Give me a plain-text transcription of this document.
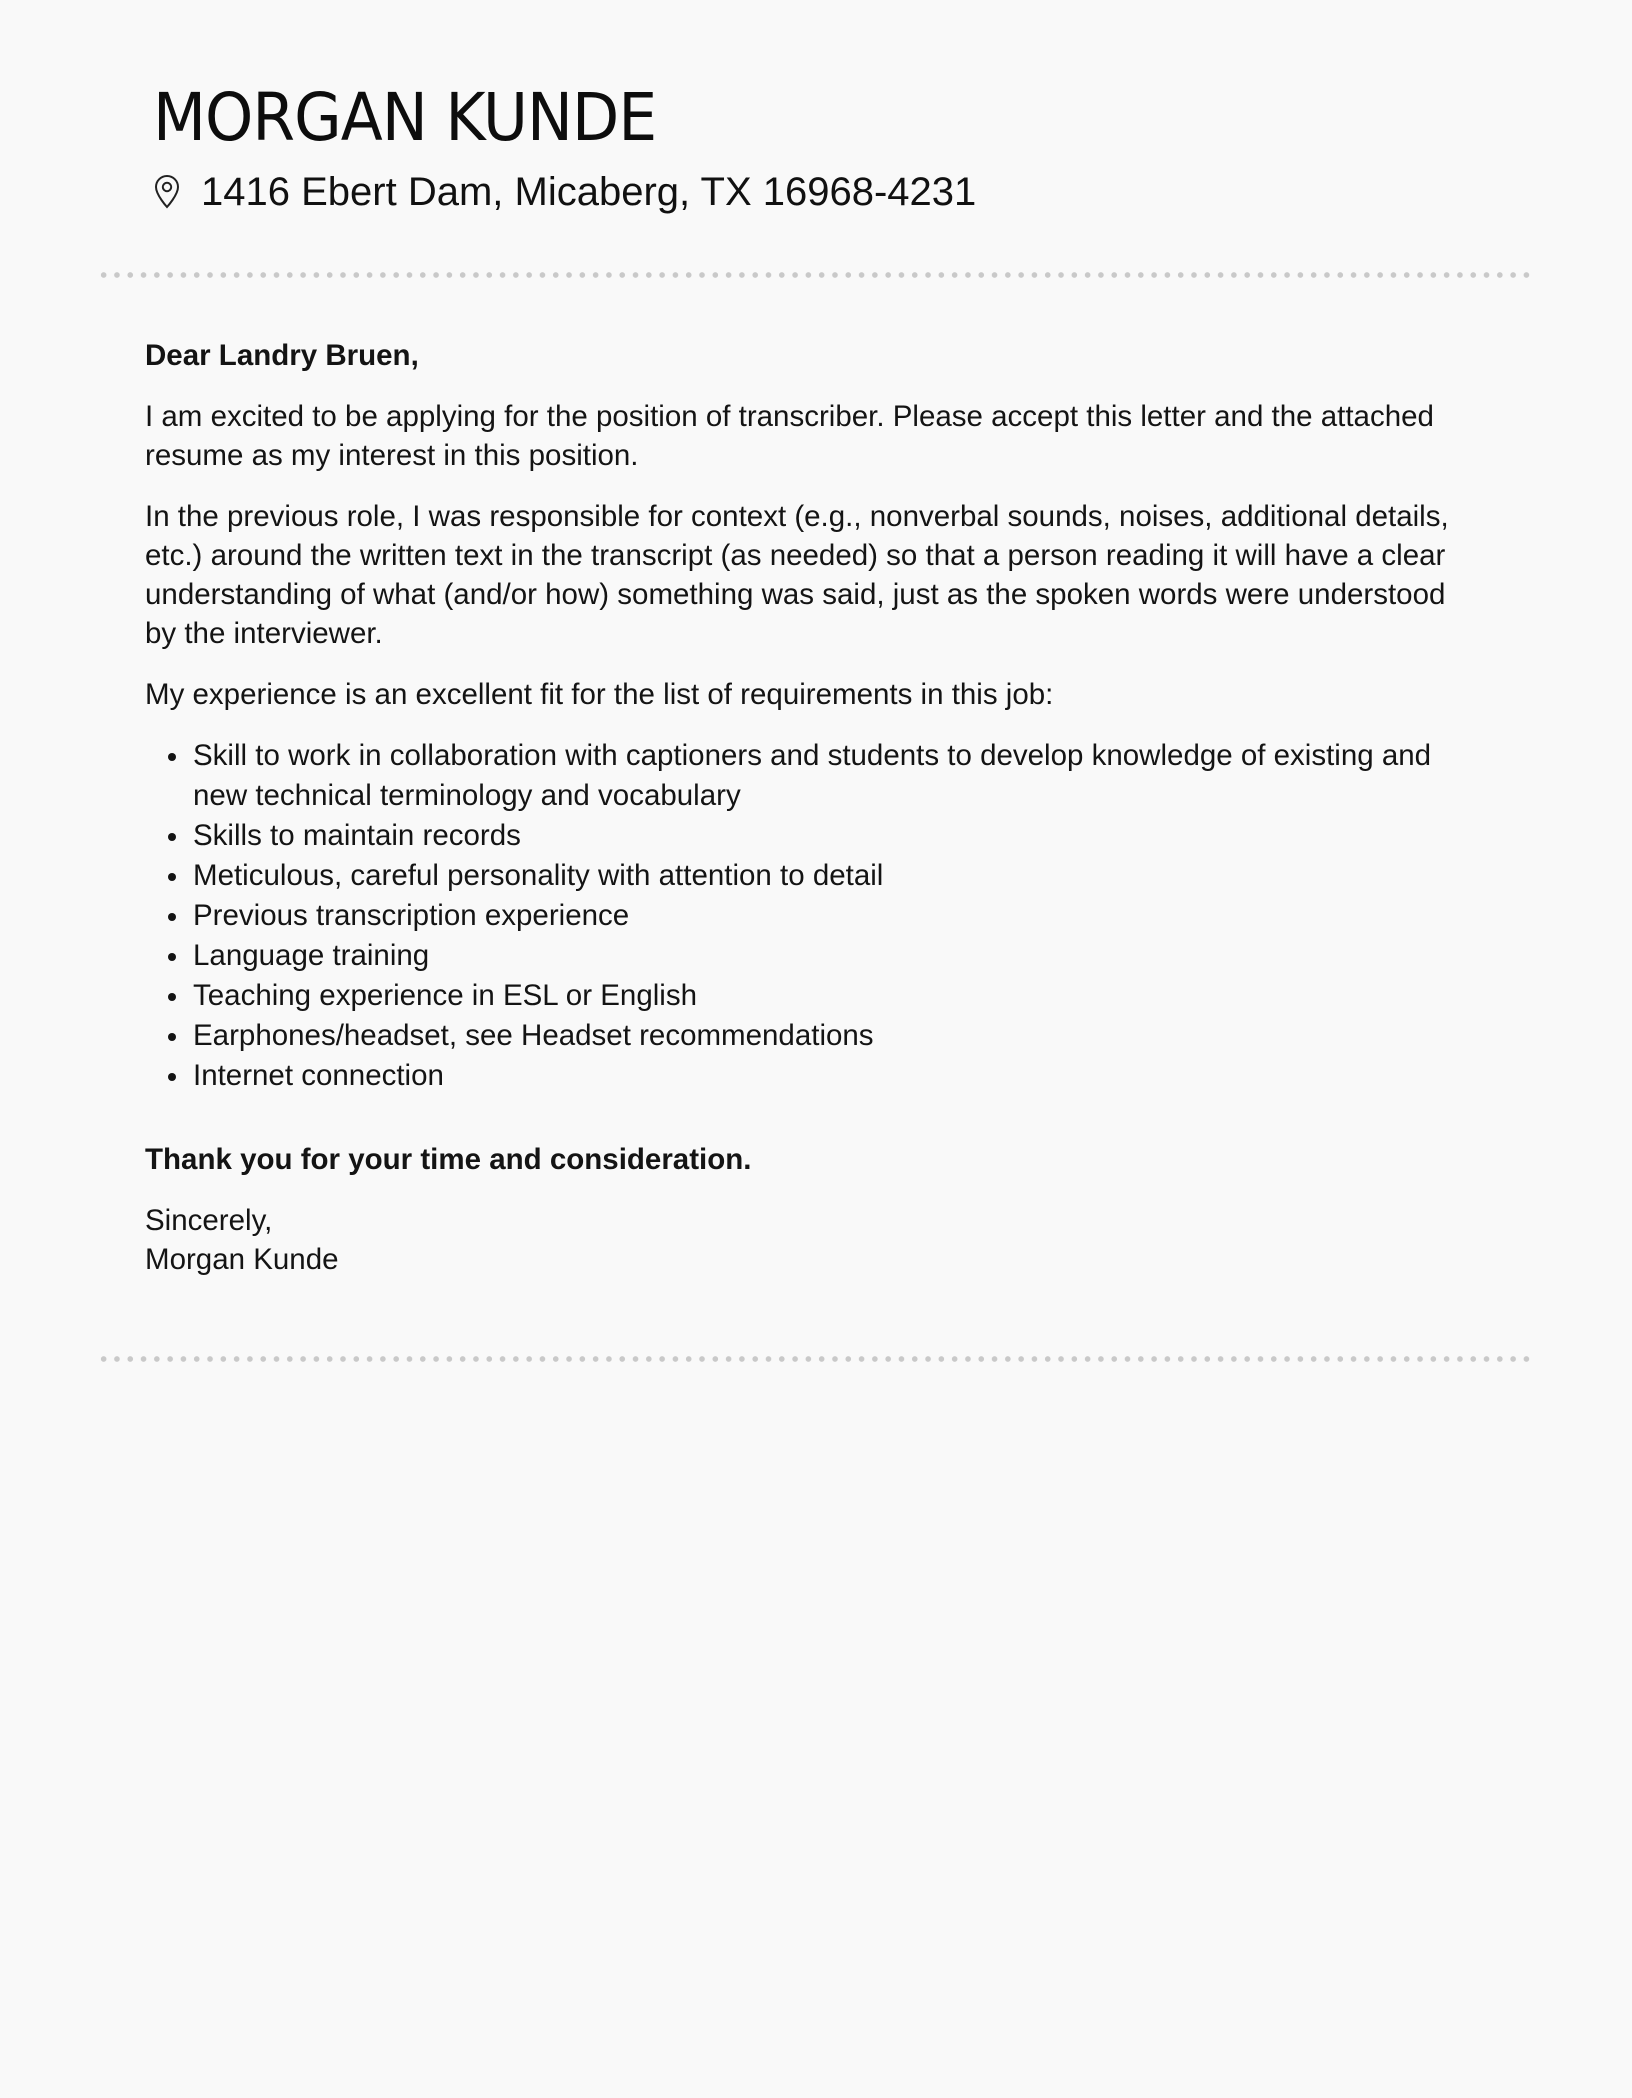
MORGAN KUNDE
1416 Ebert Dam, Micaberg, TX 16968-4231

Dear Landry Bruen,

I am excited to be applying for the position of transcriber. Please accept this letter and the attached resume as my interest in this position.

In the previous role, I was responsible for context (e.g., nonverbal sounds, noises, additional details, etc.) around the written text in the transcript (as needed) so that a person reading it will have a clear understanding of what (and/or how) something was said, just as the spoken words were understood by the interviewer.

My experience is an excellent fit for the list of requirements in this job:

Skill to work in collaboration with captioners and students to develop knowledge of existing and new technical terminology and vocabulary
Skills to maintain records
Meticulous, careful personality with attention to detail
Previous transcription experience
Language training
Teaching experience in ESL or English
Earphones/headset, see Headset recommendations
Internet connection

Thank you for your time and consideration.

Sincerely,

Morgan Kunde
